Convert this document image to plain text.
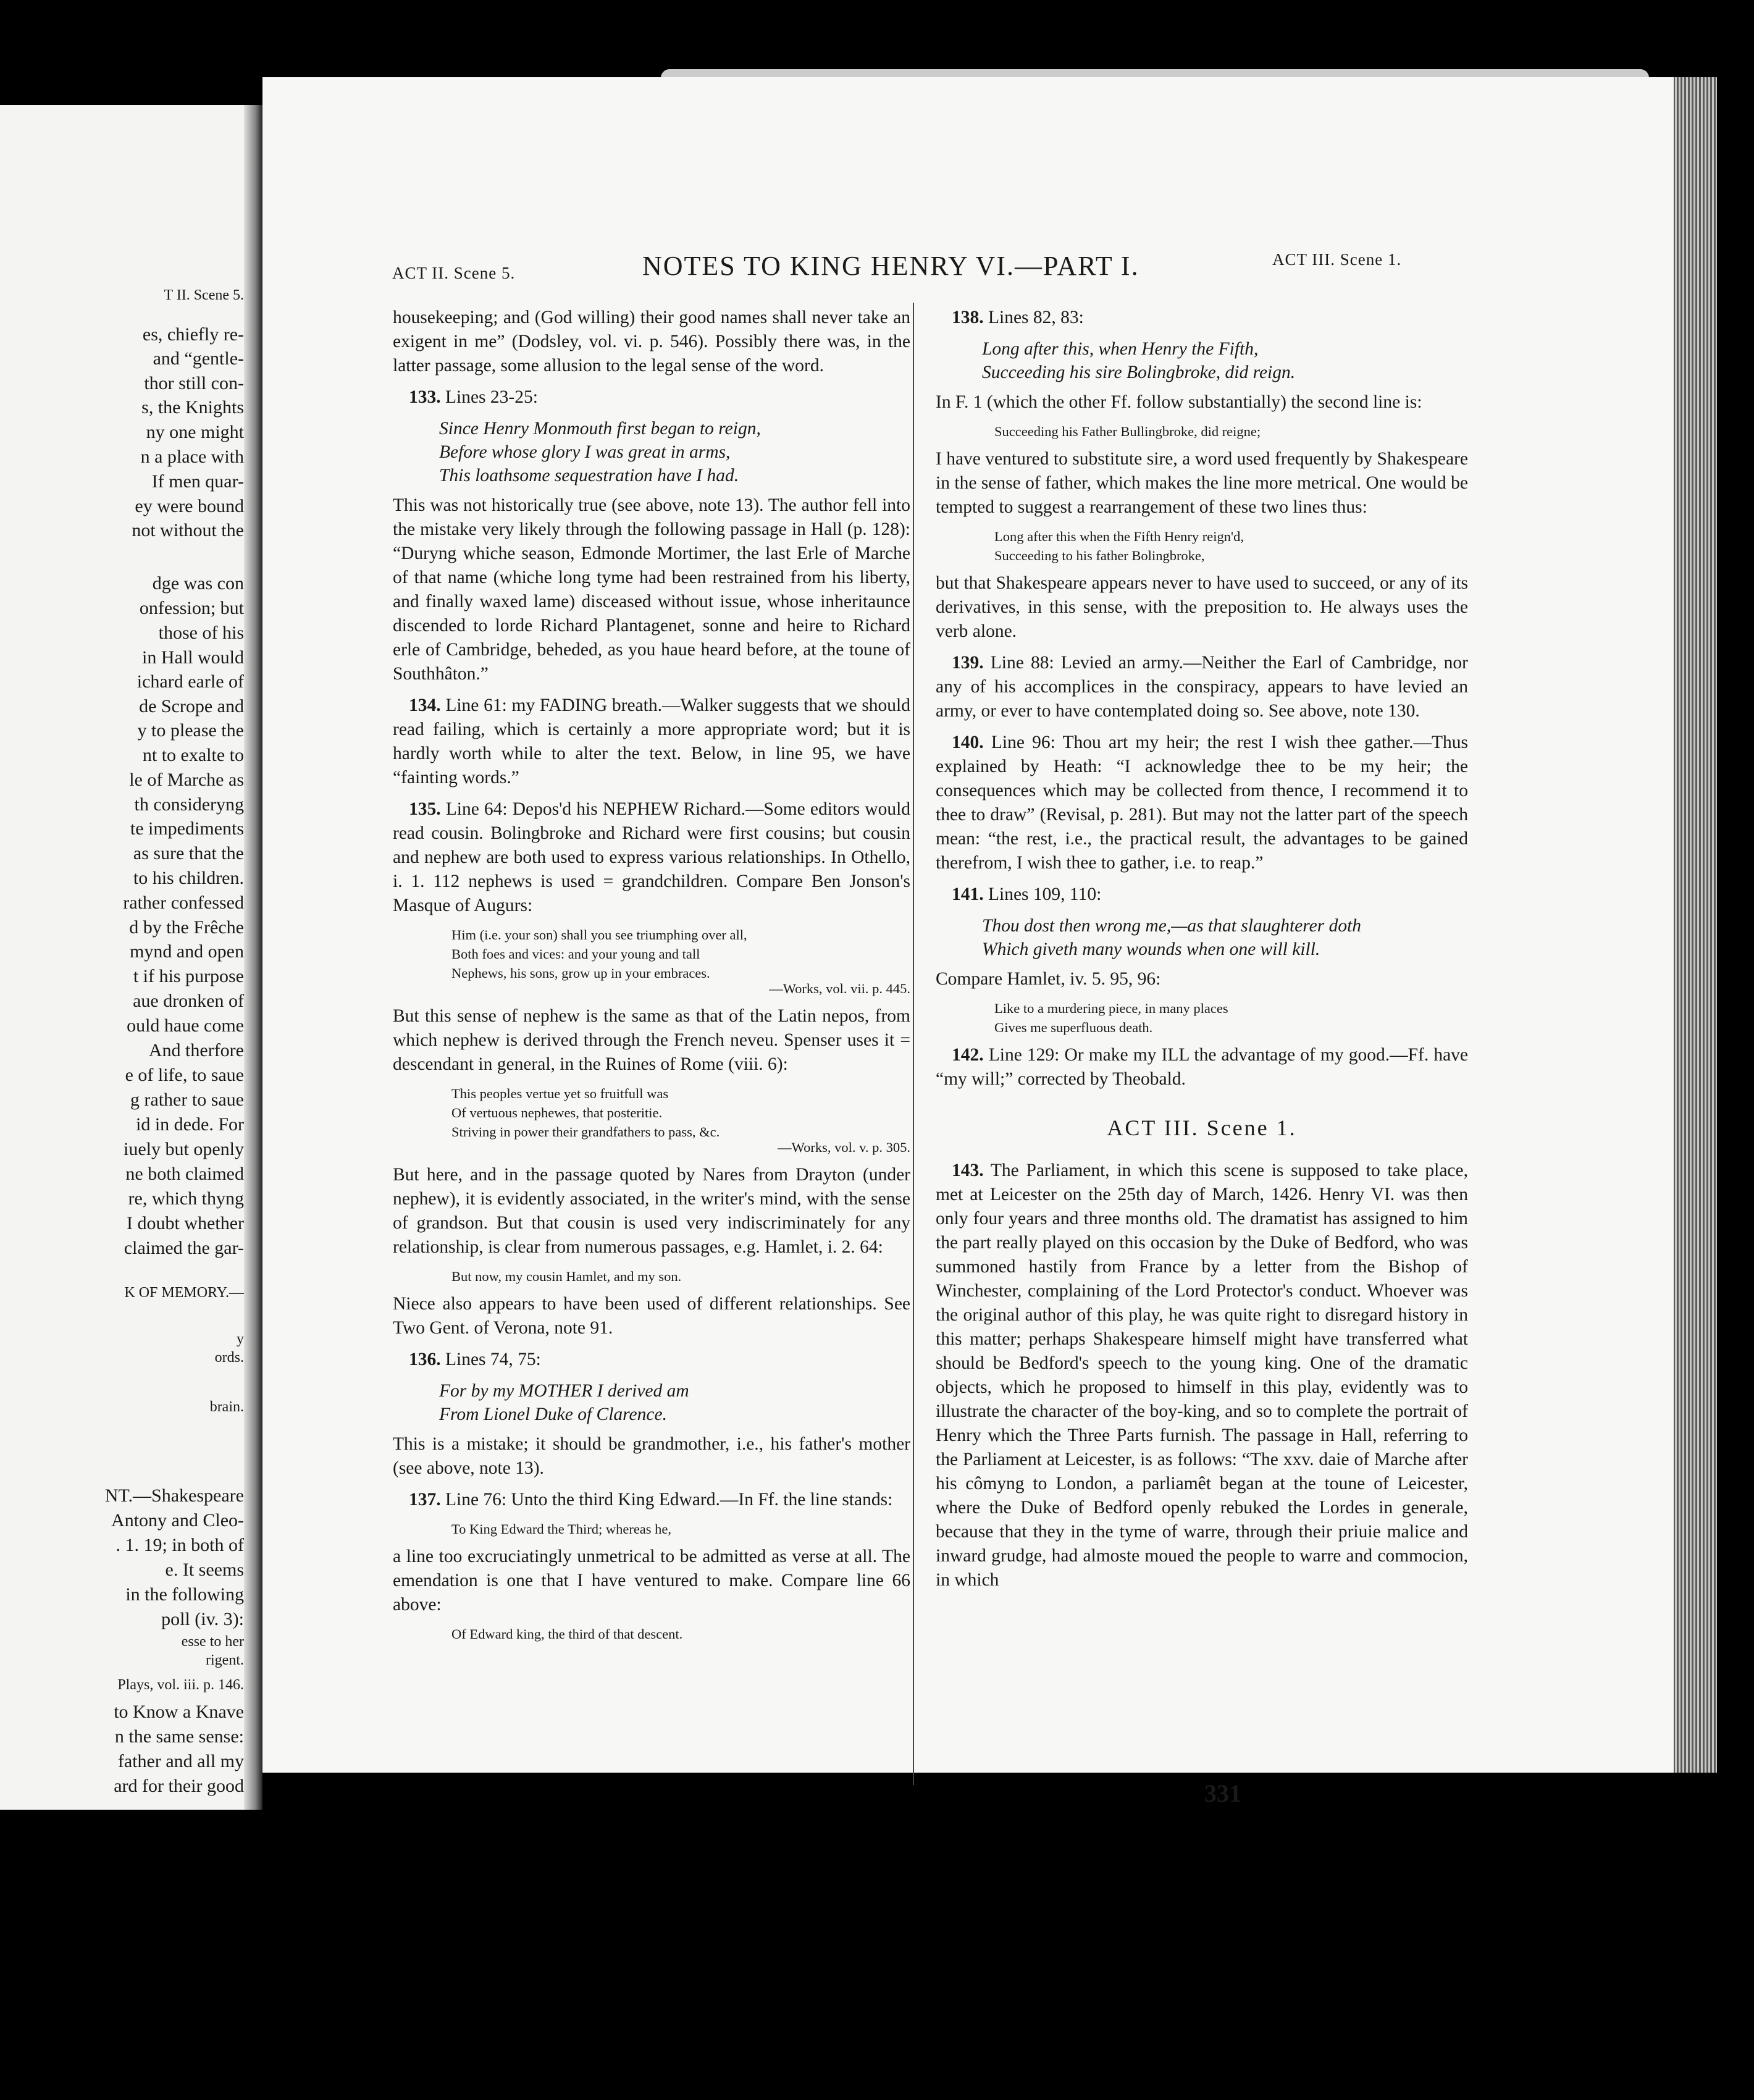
T II. Scene 5.
es, chiefly re-
and “gentle-
thor still con-
s, the Knights
ny one might
n a place with
If men quar-
ey were bound
not without the
dge was con
onfession; but
those of his
in Hall would
ichard earle of
de Scrope and
y to please the
nt to exalte to
le of Marche as
th consideryng
te impediments
as sure that the
to his children.
rather confessed
d by the Frêche
mynd and open
t if his purpose
aue dronken of
ould haue come
And therfore
e of life, to saue
g rather to saue
id in dede. For
iuely but openly
ne both claimed
re, which thyng
I doubt whether
claimed the gar-
K OF MEMORY.—
y
ords.
brain.
NT.—Shakespeare
Antony and Cleo-
. 1. 19; in both of
e. It seems
in the following
poll (iv. 3):
esse to her
rigent.
Plays, vol. iii. p. 146.
to Know a Knave
n the same sense:
father and all my
ard for their good
ACT II. Scene 5.	NOTES TO KING HENRY VI.—PART I.	ACT III. Scene 1.

housekeeping; and (God willing) their good names shall never take an exigent in me” (Dodsley, vol. vi. p. 546). Possibly there was, in the latter passage, some allusion to the legal sense of the word.

133. Lines 23-25:

Since Henry Monmouth first began to reign,
Before whose glory I was great in arms,
This loathsome sequestration have I had.

This was not historically true (see above, note 13). The author fell into the mistake very likely through the following passage in Hall (p. 128): “Duryng whiche season, Edmonde Mortimer, the last Erle of Marche of that name (whiche long tyme had been restrained from his liberty, and finally waxed lame) disceased without issue, whose inheritaunce discended to lorde Richard Plantagenet, sonne and heire to Richard erle of Cambridge, beheded, as you haue heard before, at the toune of Southhâton.”

134. Line 61: my FADING breath.—Walker suggests that we should read failing, which is certainly a more appropriate word; but it is hardly worth while to alter the text. Below, in line 95, we have “fainting words.”

135. Line 64: Depos'd his NEPHEW Richard.—Some editors would read cousin. Bolingbroke and Richard were first cousins; but cousin and nephew are both used to express various relationships. In Othello, i. 1. 112 nephews is used = grandchildren. Compare Ben Jonson's Masque of Augurs:

Him (i.e. your son) shall you see triumphing over all,
Both foes and vices: and your young and tall
Nephews, his sons, grow up in your embraces.
—Works, vol. vii. p. 445.

But this sense of nephew is the same as that of the Latin nepos, from which nephew is derived through the French neveu. Spenser uses it = descendant in general, in the Ruines of Rome (viii. 6):

This peoples vertue yet so fruitfull was
Of vertuous nephewes, that posteritie.
Striving in power their grandfathers to pass, &c.
—Works, vol. v. p. 305.

But here, and in the passage quoted by Nares from Drayton (under nephew), it is evidently associated, in the writer's mind, with the sense of grandson. But that cousin is used very indiscriminately for any relationship, is clear from numerous passages, e.g. Hamlet, i. 2. 64:

But now, my cousin Hamlet, and my son.

Niece also appears to have been used of different relationships. See Two Gent. of Verona, note 91.

136. Lines 74, 75:

For by my MOTHER I derived am
From Lionel Duke of Clarence.

This is a mistake; it should be grandmother, i.e., his father's mother (see above, note 13).

137. Line 76: Unto the third King Edward.—In Ff. the line stands:

To King Edward the Third; whereas he,

a line too excruciatingly unmetrical to be admitted as verse at all. The emendation is one that I have ventured to make. Compare line 66 above:

Of Edward king, the third of that descent.

138. Lines 82, 83:

Long after this, when Henry the Fifth,
Succeeding his sire Bolingbroke, did reign.

In F. 1 (which the other Ff. follow substantially) the second line is:

Succeeding his Father Bullingbroke, did reigne;

I have ventured to substitute sire, a word used frequently by Shakespeare in the sense of father, which makes the line more metrical. One would be tempted to suggest a rearrangement of these two lines thus:

Long after this when the Fifth Henry reign'd,
Succeeding to his father Bolingbroke,

but that Shakespeare appears never to have used to succeed, or any of its derivatives, in this sense, with the preposition to. He always uses the verb alone.

139. Line 88: Levied an army.—Neither the Earl of Cambridge, nor any of his accomplices in the conspiracy, appears to have levied an army, or ever to have contemplated doing so. See above, note 130.

140. Line 96: Thou art my heir; the rest I wish thee gather.—Thus explained by Heath: “I acknowledge thee to be my heir; the consequences which may be collected from thence, I recommend it to thee to draw” (Revisal, p. 281). But may not the latter part of the speech mean: “the rest, i.e., the practical result, the advantages to be gained therefrom, I wish thee to gather, i.e. to reap.”

141. Lines 109, 110:

Thou dost then wrong me,—as that slaughterer doth
Which giveth many wounds when one will kill.

Compare Hamlet, iv. 5. 95, 96:

Like to a murdering piece, in many places
Gives me superfluous death.

142. Line 129: Or make my ILL the advantage of my good.—Ff. have “my will;” corrected by Theobald.

ACT III. Scene 1.

143. The Parliament, in which this scene is supposed to take place, met at Leicester on the 25th day of March, 1426. Henry VI. was then only four years and three months old. The dramatist has assigned to him the part really played on this occasion by the Duke of Bedford, who was summoned hastily from France by a letter from the Bishop of Winchester, complaining of the Lord Protector's conduct. Whoever was the original author of this play, he was quite right to disregard history in this matter; perhaps Shakespeare himself might have transferred what should be Bedford's speech to the young king. One of the dramatic objects, which he proposed to himself in this play, evidently was to illustrate the character of the boy-king, and so to complete the portrait of Henry which the Three Parts furnish. The passage in Hall, referring to the Parliament at Leicester, is as follows: “The xxv. daie of Marche after his cômyng to London, a parliamêt began at the toune of Leicester, where the Duke of Bedford openly rebuked the Lordes in generale, because that they in the tyme of warre, through their priuie malice and inward grudge, had almoste moued the people to warre and commocion, in which

331
